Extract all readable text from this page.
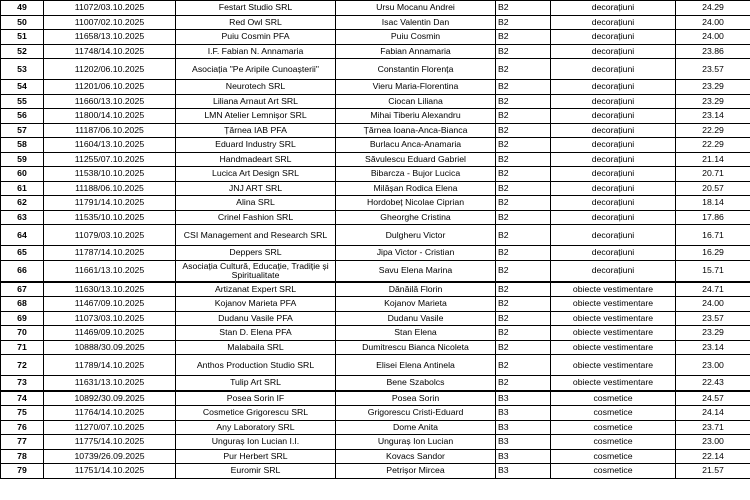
49	11072/03.10.2025	Festart Studio SRL	Ursu Mocanu Andrei	B2	decorațiuni	24.29	
50	11007/02.10.2025	Red Owl SRL	Isac Valentin Dan	B2	decorațiuni	24.00	
51	11658/13.10.2025	Puiu Cosmin PFA	Puiu Cosmin	B2	decorațiuni	24.00	
52	11748/14.10.2025	I.F. Fabian N. Annamaria	Fabian Annamaria	B2	decorațiuni	23.86	
53	11202/06.10.2025	Asociația "Pe Aripile Cunoașterii"	Constantin Florența	B2	decorațiuni	23.57	
54	11201/06.10.2025	Neurotech SRL	Vieru Maria-Florentina	B2	decorațiuni	23.29	
55	11660/13.10.2025	Liliana Arnaut Art SRL	Ciocan Liliana	B2	decorațiuni	23.29	
56	11800/14.10.2025	LMN Atelier Lemnișor SRL	Mihai Tiberiu Alexandru	B2	decorațiuni	23.14	
57	11187/06.10.2025	Țărnea IAB PFA	Țărnea Ioana-Anca-Bianca	B2	decorațiuni	22.29	
58	11604/13.10.2025	Eduard Industry SRL	Burlacu Anca-Anamaria	B2	decorațiuni	22.29	
59	11255/07.10.2025	Handmadeart SRL	Săvulescu Eduard Gabriel	B2	decorațiuni	21.14	
60	11538/10.10.2025	Lucica Art Design SRL	Bibarcza - Bujor Lucica	B2	decorațiuni	20.71	
61	11188/06.10.2025	JNJ ART SRL	Milășan Rodica Elena	B2	decorațiuni	20.57	
62	11791/14.10.2025	Alina SRL	Hordobeț Nicolae Ciprian	B2	decorațiuni	18.14	
63	11535/10.10.2025	Crinel Fashion SRL	Gheorghe Cristina	B2	decorațiuni	17.86	
64	11079/03.10.2025	CSI Management and Research SRL	Dulgheru Victor	B2	decorațiuni	16.71	
65	11787/14.10.2025	Deppers SRL	Jipa Victor - Cristian	B2	decorațiuni	16.29	
66	11661/13.10.2025	Asociația Cultură, Educație, Tradiție și Spiritualitate	Savu Elena Marina	B2	decorațiuni	15.71	
67	11630/13.10.2025	Artizanat Expert SRL	Dănăilă Florin	B2	obiecte vestimentare	24.71	
68	11467/09.10.2025	Kojanov Marieta PFA	Kojanov Marieta	B2	obiecte vestimentare	24.00	
69	11073/03.10.2025	Dudanu Vasile PFA	Dudanu Vasile	B2	obiecte vestimentare	23.57	
70	11469/09.10.2025	Stan D. Elena PFA	Stan Elena	B2	obiecte vestimentare	23.29	
71	10888/30.09.2025	Malabaila SRL	Dumitrescu Bianca Nicoleta	B2	obiecte vestimentare	23.14	
72	11789/14.10.2025	Anthos Production Studio SRL	Elisei Elena Antinela	B2	obiecte vestimentare	23.00	
73	11631/13.10.2025	Tulip Art SRL	Bene Szabolcs	B2	obiecte vestimentare	22.43	
74	10892/30.09.2025	Posea Sorin IF	Posea Sorin	B3	cosmetice	24.57	
75	11764/14.10.2025	Cosmetice Grigorescu SRL	Grigorescu Cristi-Eduard	B3	cosmetice	24.14	
76	11270/07.10.2025	Any Laboratory SRL	Dome Anita	B3	cosmetice	23.71	
77	11775/14.10.2025	Unguraș Ion Lucian I.I.	Unguraș Ion Lucian	B3	cosmetice	23.00	
78	10739/26.09.2025	Pur Herbert SRL	Kovacs Sandor	B3	cosmetice	22.14	
79	11751/14.10.2025	Euromir SRL	Petrișor Mircea	B3	cosmetice	21.57	
